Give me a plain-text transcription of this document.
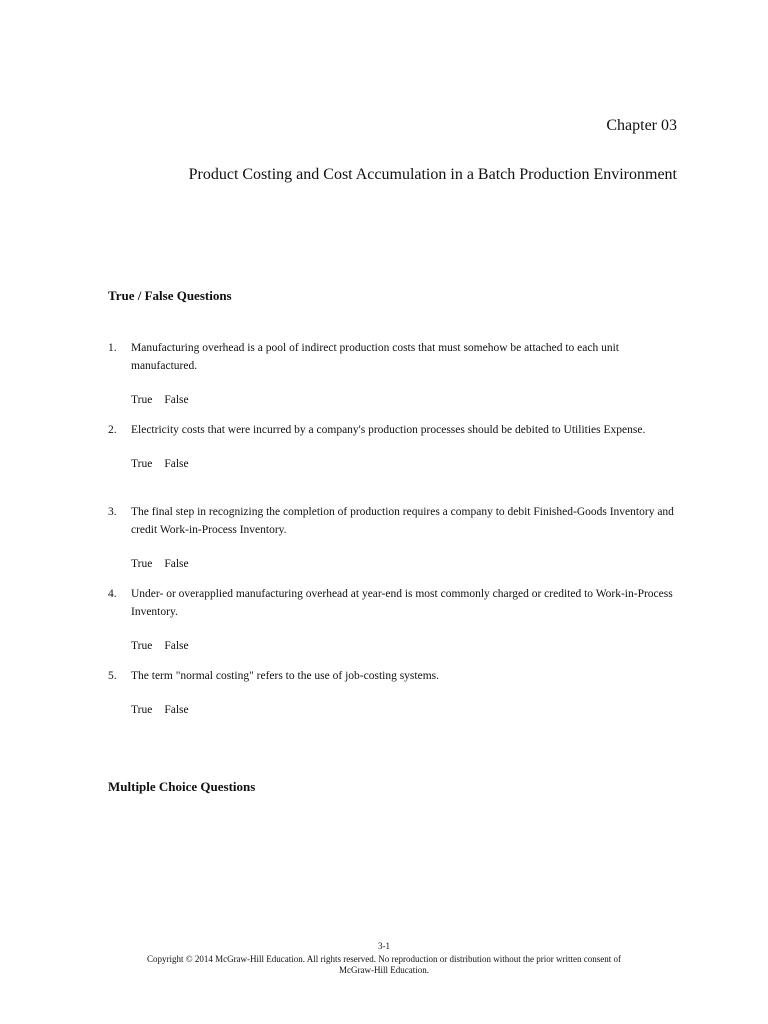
Chapter 03
Product Costing and Cost Accumulation in a Batch Production Environment
True / False Questions
1. Manufacturing overhead is a pool of indirect production costs that must somehow be attached to each unit manufactured.
True False
2. Electricity costs that were incurred by a company's production processes should be debited to Utilities Expense.
True False
3. The final step in recognizing the completion of production requires a company to debit Finished-Goods Inventory and credit Work-in-Process Inventory.
True False
4. Under- or overapplied manufacturing overhead at year-end is most commonly charged or credited to Work-in-Process Inventory.
True False
5. The term "normal costing" refers to the use of job-costing systems.
True False
Multiple Choice Questions
3-1
Copyright © 2014 McGraw-Hill Education. All rights reserved. No reproduction or distribution without the prior written consent of
McGraw-Hill Education.
